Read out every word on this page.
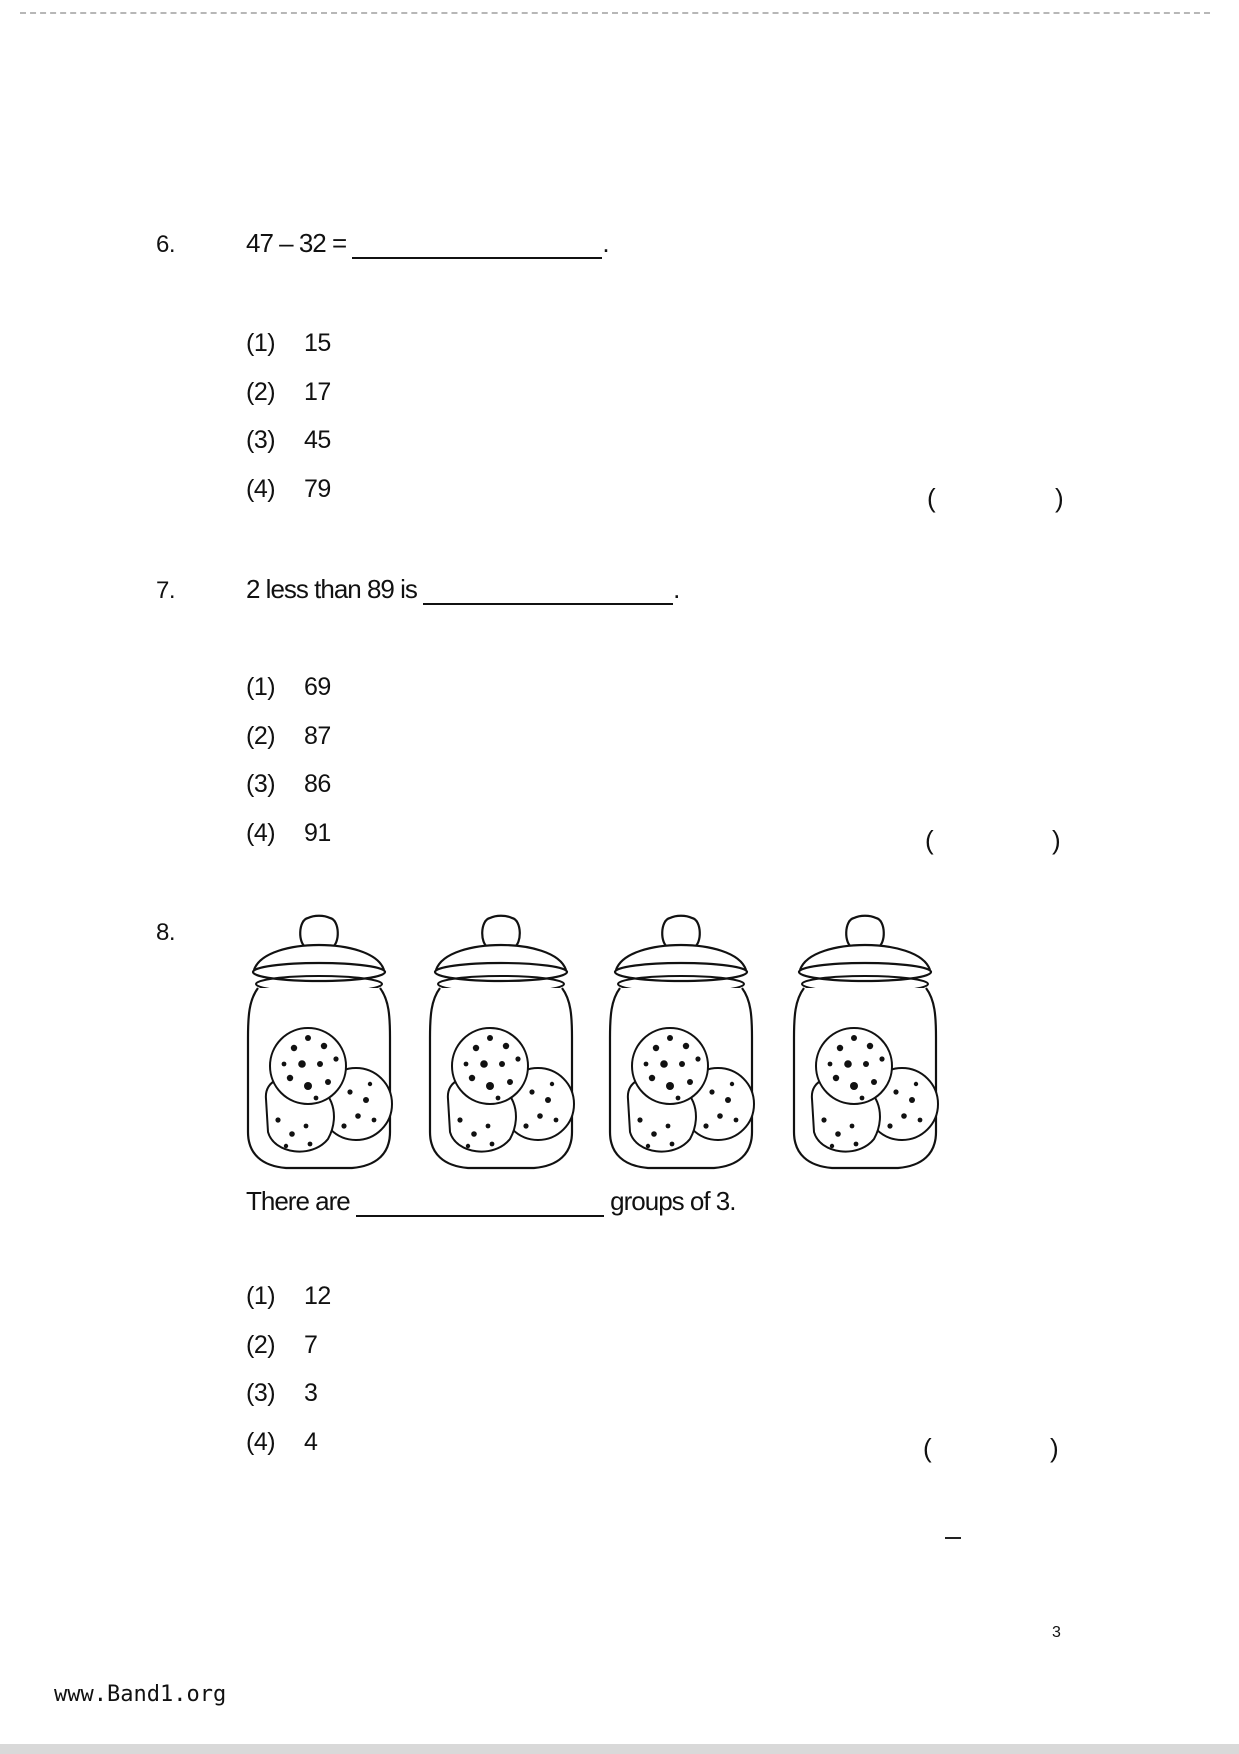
6.	47 – 32 =	.
(1) 15
(2) 17
(3) 45
(4) 79	(	)
7.	2 less than 89 is	.
(1) 69
(2) 87
(3) 86
(4) 91	(	)
8.
There are	groups of 3.
(1) 12
(2) 7
(3) 3
(4) 4	(	)
3
www.Band1.org
